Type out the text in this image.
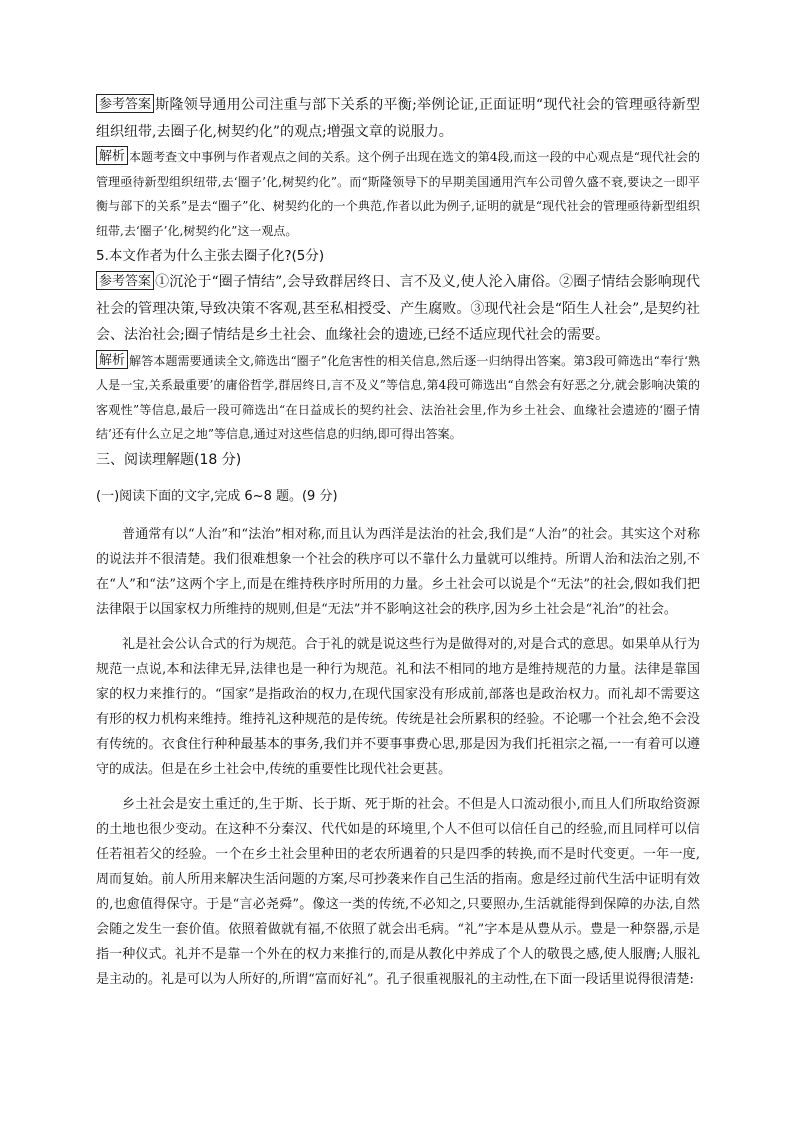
参考答案 斯隆领导通用公司注重与部下关系的平衡;举例论证,正面证明“现代社会的管理亟待新型组织纽带,去圈子化,树契约化”的观点;增强文章的说服力。

解析 本题考查文中事例与作者观点之间的关系。这个例子出现在选文的第4段,而这一段的中心观点是“现代社会的管理亟待新型组织纽带,去‘圈子’化,树契约化”。而“斯隆领导下的早期美国通用汽车公司曾久盛不衰,要诀之一即平衡与部下的关系”是去“圈子”化、树契约化的一个典范,作者以此为例子,证明的就是“现代社会的管理亟待新型组织纽带,去‘圈子’化,树契约化”这一观点。

5.本文作者为什么主张去圈子化?(5分)

参考答案 ①沉沦于“圈子情结”,会导致群居终日、言不及义,使人沦入庸俗。②圈子情结会影响现代社会的管理决策,导致决策不客观,甚至私相授受、产生腐败。③现代社会是“陌生人社会”,是契约社会、法治社会;圈子情结是乡土社会、血缘社会的遗迹,已经不适应现代社会的需要。

解析 解答本题需要通读全文,筛选出“圈子”化危害性的相关信息,然后逐一归纳得出答案。第3段可筛选出“奉行‘熟人是一宝,关系最重要’的庸俗哲学,群居终日,言不及义”等信息,第4段可筛选出“自然会有好恶之分,就会影响决策的客观性”等信息,最后一段可筛选出“在日益成长的契约社会、法治社会里,作为乡土社会、血缘社会遗迹的‘圈子情结’还有什么立足之地”等信息,通过对这些信息的归纳,即可得出答案。

三、阅读理解题(18 分)

(一)阅读下面的文字,完成 6~8 题。(9 分)

普通常有以“人治”和“法治”相对称,而且认为西洋是法治的社会,我们是“人治”的社会。其实这个对称的说法并不很清楚。我们很难想象一个社会的秩序可以不靠什么力量就可以维持。所谓人治和法治之别,不在“人”和“法”这两个字上,而是在维持秩序时所用的力量。乡土社会可以说是个“无法”的社会,假如我们把法律限于以国家权力所维持的规则,但是“无法”并不影响这社会的秩序,因为乡土社会是“礼治”的社会。

礼是社会公认合式的行为规范。合于礼的就是说这些行为是做得对的,对是合式的意思。如果单从行为规范一点说,本和法律无异,法律也是一种行为规范。礼和法不相同的地方是维持规范的力量。法律是靠国家的权力来推行的。“国家”是指政治的权力,在现代国家没有形成前,部落也是政治权力。而礼却不需要这有形的权力机构来维持。维持礼这种规范的是传统。传统是社会所累积的经验。不论哪一个社会,绝不会没有传统的。衣食住行种种最基本的事务,我们并不要事事费心思,那是因为我们托祖宗之福,一一有着可以遵守的成法。但是在乡土社会中,传统的重要性比现代社会更甚。

乡土社会是安土重迁的,生于斯、长于斯、死于斯的社会。不但是人口流动很小,而且人们所取给资源的土地也很少变动。在这种不分秦汉、代代如是的环境里,个人不但可以信任自己的经验,而且同样可以信任若祖若父的经验。一个在乡土社会里种田的老农所遇着的只是四季的转换,而不是时代变更。一年一度,周而复始。前人所用来解决生活问题的方案,尽可抄袭来作自己生活的指南。愈是经过前代生活中证明有效的,也愈值得保守。于是“言必尧舜”。像这一类的传统,不必知之,只要照办,生活就能得到保障的办法,自然会随之发生一套价值。依照着做就有福,不依照了就会出毛病。“礼”字本是从豊从示。豊是一种祭器,示是指一种仪式。礼并不是靠一个外在的权力来推行的,而是从教化中养成了个人的敬畏之感,使人服膺;人服礼是主动的。礼是可以为人所好的,所谓“富而好礼”。孔子很重视服礼的主动性,在下面一段话里说得很清楚:
